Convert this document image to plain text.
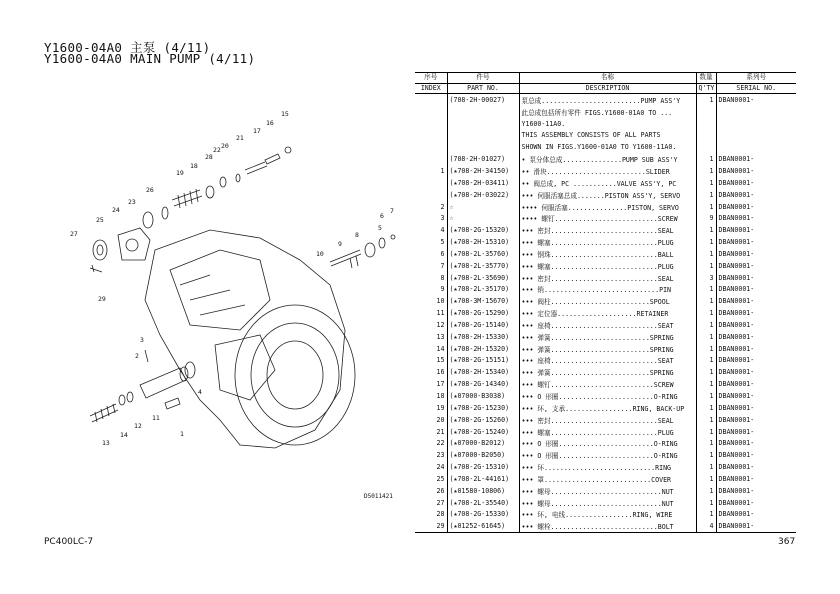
Y1600-04A0 主泵 (4/11)
Y1600-04A0 MAIN PUMP (4/11)
1
2
3
4
5
6
7
8
9
10
11
12
13
14
15
16
17
18
19
20
21
22
23
24
25
26
27
28
29
D5011421
序号	件号	名称	数量	系列号
INDEX	PART NO.	DESCRIPTION	Q'TY	SERIAL NO.
	(708-2H-00027)	泵总成.........................PUMP ASS'Y	1	DBAN0001-
		此总成包括所有零件 FIGS.Y1600-01A0 TO ...		
		Y1600-11A0.		
		THIS ASSEMBLY CONSISTS OF ALL PARTS		
		SHOWN IN FIGS.Y1600-01A0 TO Y1600-11A0.		
	(708-2H-01027)	• 泵分体总成...............PUMP SUB ASS'Y	1	DBAN0001-
1	(★708-2H-34150)	•• 滑块.........................SLIDER	1	DBAN0001-
	(★708-2H-03411)	•• 阀总成, PC ...........VALVE ASS'Y, PC	1	DBAN0001-
	(★708-2H-03022)	••• 伺服活塞总成.......PISTON ASS'Y, SERVO	1	DBAN0001-
2	☆	•••• 伺服活塞...............PISTON, SERVO	1	DBAN0001-
3	☆	•••• 螺钉..........................SCREW	9	DBAN0001-
4	(★708-2G-15320)	••• 密封...........................SEAL	1	DBAN0001-
5	(★708-2H-15310)	••• 螺塞...........................PLUG	1	DBAN0001-
6	(★708-2L-35760)	••• 钢珠...........................BALL	1	DBAN0001-
7	(★708-2L-35770)	••• 螺塞...........................PLUG	1	DBAN0001-
8	(★708-2L-35690)	••• 密封...........................SEAL	3	DBAN0001-
9	(★708-2L-35170)	••• 销.............................PIN	1	DBAN0001-
10	(★708-3M-15670)	••• 阀柱.........................SPOOL	1	DBAN0001-
11	(★708-2G-15290)	••• 定位器....................RETAINER	1	DBAN0001-
12	(★708-2G-15140)	••• 座椅...........................SEAT	1	DBAN0001-
13	(★708-2H-15330)	••• 弹簧.........................SPRING	1	DBAN0001-
14	(★708-2H-15320)	••• 弹簧.........................SPRING	1	DBAN0001-
15	(★708-2G-15151)	••• 座椅...........................SEAT	1	DBAN0001-
16	(★708-2H-15340)	••• 弹簧.........................SPRING	1	DBAN0001-
17	(★708-2G-14340)	••• 螺钉..........................SCREW	1	DBAN0001-
18	(★07000-B3038)	••• O 形圈........................O-RING	1	DBAN0001-
19	(★708-2G-15230)	••• 环, 支承.................RING, BACK-UP	1	DBAN0001-
20	(★708-2G-15260)	••• 密封...........................SEAL	1	DBAN0001-
21	(★708-2G-15240)	••• 螺塞...........................PLUG	1	DBAN0001-
22	(★07000-B2012)	••• O 形圈........................O-RING	1	DBAN0001-
23	(★07000-B2050)	••• O 形圈........................O-RING	1	DBAN0001-
24	(★708-2G-15310)	••• 环............................RING	1	DBAN0001-
25	(★708-2L-44161)	••• 罩...........................COVER	1	DBAN0001-
26	(★01580-10806)	••• 螺母............................NUT	1	DBAN0001-
27	(★708-2L-35540)	••• 螺母............................NUT	1	DBAN0001-
28	(★708-2G-15330)	••• 环, 电线.................RING, WIRE	1	DBAN0001-
29	(★01252-61645)	••• 螺栓...........................BOLT	4	DBAN0001-
PC400LC-7	367
